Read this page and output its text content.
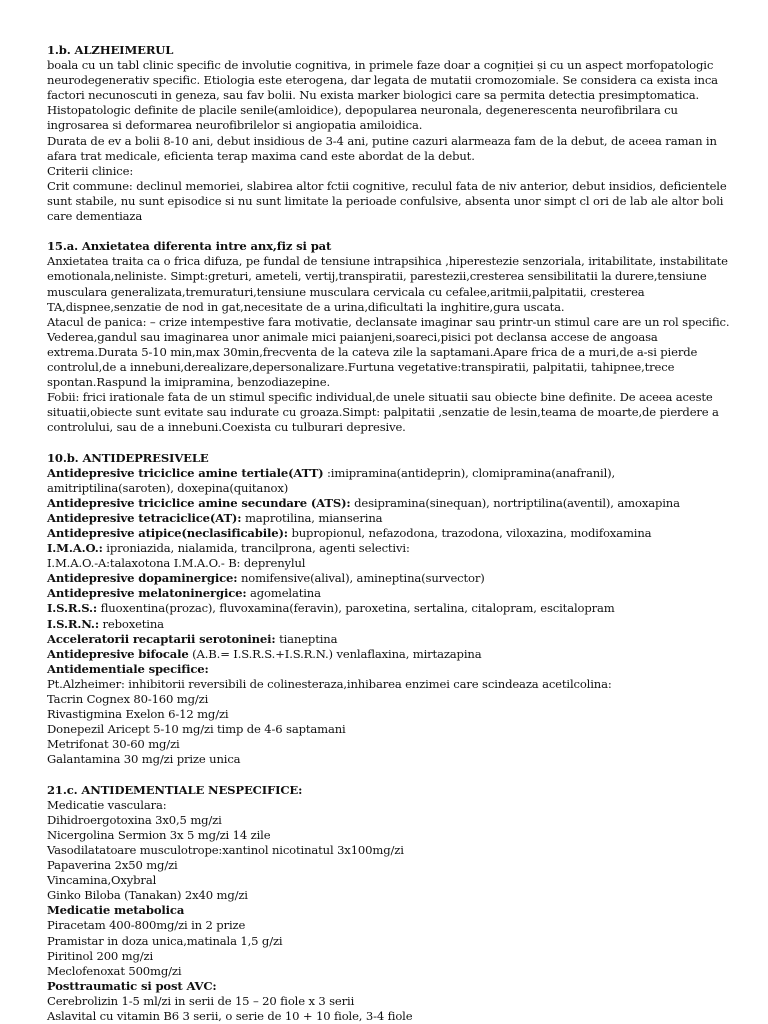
1.b. ALZHEIMERUL
boala cu un tabl clinic specific de involutie cognitiva, in primele faze doar a cogniției și cu un aspect morfopatologic neurodegenerativ specific. Etiologia este eterogena, dar legata de mutatii cromozomiale. Se considera ca exista inca factori necunoscuti in geneza, sau fav bolii. Nu exista marker biologici care sa permita detectia presimptomatica.
Histopatologic definite de placile senile(amloidice), depopularea neuronala, degenerescenta neurofibrilara cu ingrosarea si deformarea neurofibrilelor si angiopatia amiloidica.
Durata de ev a bolii 8-10 ani, debut insidious de 3-4 ani, putine cazuri alarmeaza fam de la debut, de aceea raman in afara trat medicale, eficienta terap maxima cand este abordat de la debut.
Criterii clinice:
Crit commune: declinul memoriei, slabirea altor fctii cognitive, reculul fata de niv anterior, debut insidios, deficientele sunt stabile, nu sunt episodice si nu sunt limitate la perioade confulsive, absenta unor simpt cl ori de lab ale altor boli care dementiaza
15.a. Anxietatea diferenta intre anx,fiz si pat
Anxietatea traita ca o frica difuza, pe fundal de tensiune intrapsihica ,hiperestezie senzoriala, iritabilitate, instabilitate emotionala,neliniste. Simpt:greturi, ameteli, vertij,transpiratii, parestezii,cresterea sensibilitatii la durere,tensiune musculara generalizata,tremuraturi,tensiune musculara cervicala cu cefalee,aritmii,palpitatii, cresterea TA,dispnee,senzatie de nod in gat,necesitate de a urina,dificultati la inghitire,gura uscata.
Atacul de panica: – crize intempestive fara motivatie, declansate imaginar sau printr-un stimul care are un rol specific. Vederea,gandul sau imaginarea unor animale mici paianjeni,soareci,pisici pot declansa accese de angoasa extrema.Durata 5-10 min,max 30min,frecventa de la cateva zile la saptamani.Apare frica de a muri,de a-si pierde controlul,de a innebuni,derealizare,depersonalizare.Furtuna vegetative:transpiratii, palpitatii, tahipnee,trece spontan.Raspund la imipramina, benzodiazepine.
Fobii: frici irationale fata de un stimul specific individual,de unele situatii sau obiecte bine definite. De aceea aceste situatii,obiecte sunt evitate sau indurate cu groaza.Simpt: palpitatii ,senzatie de lesin,teama de moarte,de pierdere a controlului, sau de a innebuni.Coexista cu tulburari depresive.
10.b. ANTIDEPRESIVELE
Antidepresive triciclice amine tertiale(ATT) :imipramina(antideprin), clomipramina(anafranil), amitriptilina(saroten), doxepina(quitanox)
Antidepresive triciclice amine secundare (ATS): desipramina(sinequan), nortriptilina(aventil), amoxapina
Antidepresive tetraciclice(AT): maprotilina, mianserina
Antidepresive atipice(neclasificabile): bupropionul, nefazodona, trazodona, viloxazina, modifoxamina
I.M.A.O.: iproniazida, nialamida, trancilprona, agenti selectivi:
I.M.A.O.-A:talaxotona I.M.A.O.- B: deprenylul
Antidepresive dopaminergice: nomifensive(alival), amineptina(survector)
Antidepresive melatoninergice: agomelatina
I.S.R.S.: fluoxentina(prozac), fluvoxamina(feravin), paroxetina, sertalina, citalopram, escitalopram
I.S.R.N.: reboxetina
Acceleratorii recaptarii serotoninei: tianeptina
Antidepresive bifocale (A.B.= I.S.R.S.+I.S.R.N.) venlaflaxina, mirtazapina
Antidementiale specifice:
Pt.Alzheimer: inhibitorii reversibili de colinesteraza,inhibarea enzimei care scindeaza acetilcolina:
Tacrin Cognex 80-160 mg/zi
Rivastigmina Exelon 6-12 mg/zi
Donepezil Aricept 5-10 mg/zi timp de 4-6 saptamani
Metrifonat 30-60 mg/zi
Galantamina 30 mg/zi prize unica
21.c. ANTIDEMENTIALE NESPECIFICE:
Medicatie vasculara:
Dihidroergotoxina 3x0,5 mg/zi
Nicergolina Sermion 3x 5 mg/zi 14 zile
Vasodilatatoare musculotrope:xantinol nicotinatul 3x100mg/zi
Papaverina 2x50 mg/zi
Vincamina,Oxybral
Ginko Biloba (Tanakan) 2x40 mg/zi
Medicatie metabolica
Piracetam 400-800mg/zi in 2 prize
Pramistar in doza unica,matinala 1,5 g/zi
Piritinol 200 mg/zi
Meclofenoxat 500mg/zi
Posttraumatic si post AVC:
Cerebrolizin 1-5 ml/zi in serii de 15 – 20 fiole x 3 serii
Aslavital cu vitamin B6 3 serii, o serie de 10 + 10 fiole, 3-4 fiole
